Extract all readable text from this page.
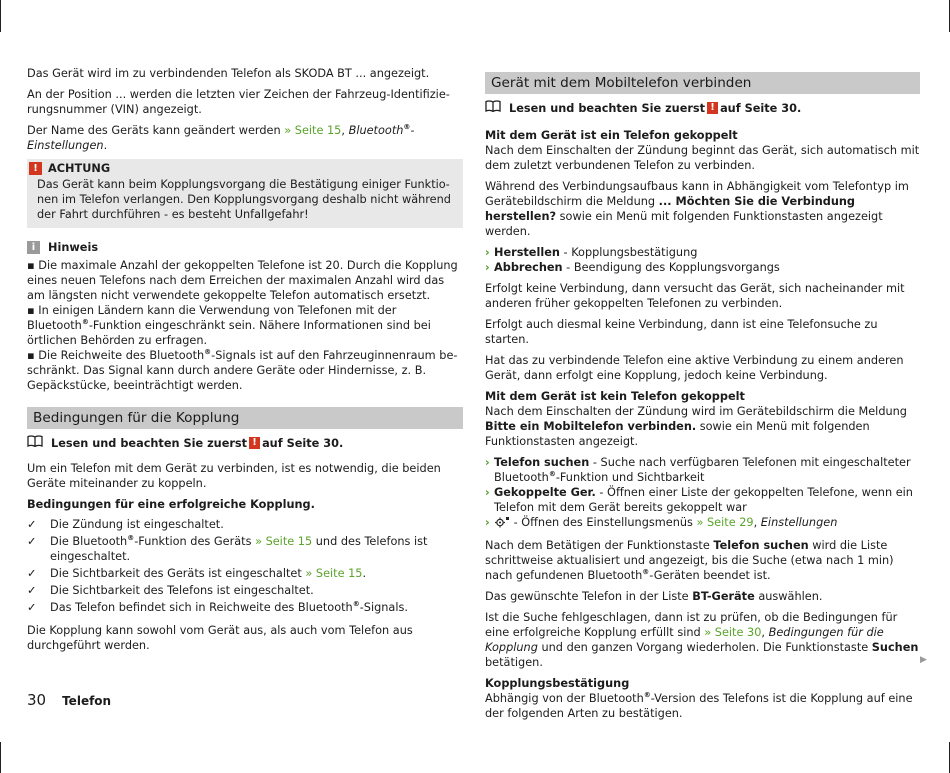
Das Gerät wird im zu verbindenden Telefon als SKODA BT ... angezeigt.

An der Position ... werden die letzten vier Zeichen der Fahrzeug-Identifizierungsnummer (VIN) angezeigt.

Der Name des Geräts kann geändert werden » Seite 15, Bluetooth®-Einstellungen.

! ACHTUNG
Das Gerät kann beim Kopplungsvorgang die Bestätigung einiger Funktionen im Telefon verlangen. Den Kopplungsvorgang deshalb nicht während der Fahrt durchführen - es besteht Unfallgefahr!
i	Hinweis

▪ Die maximale Anzahl der gekoppelten Telefone ist 20. Durch die Kopplung eines neuen Telefons nach dem Erreichen der maximalen Anzahl wird das am längsten nicht verwendete gekoppelte Telefon automatisch ersetzt.

▪ In einigen Ländern kann die Verwendung von Telefonen mit der Bluetooth®-Funktion eingeschränkt sein. Nähere Informationen sind bei örtlichen Behörden zu erfragen.

▪ Die Reichweite des Bluetooth®-Signals ist auf den Fahrzeuginnenraum beschränkt. Das Signal kann durch andere Geräte oder Hindernisse, z. B. Gepäckstücke, beeinträchtigt werden.

Bedingungen für die Kopplung
Lesen und beachten Sie zuerst ! auf Seite 30.

Um ein Telefon mit dem Gerät zu verbinden, ist es notwendig, die beiden Geräte miteinander zu koppeln.

Bedingungen für eine erfolgreiche Kopplung.

✓ Die Zündung ist eingeschaltet.
✓ Die Bluetooth®-Funktion des Geräts » Seite 15 und des Telefons ist eingeschaltet.
✓ Die Sichtbarkeit des Geräts ist eingeschaltet » Seite 15.
✓ Die Sichtbarkeit des Telefons ist eingeschaltet.
✓ Das Telefon befindet sich in Reichweite des Bluetooth®-Signals.

Die Kopplung kann sowohl vom Gerät aus, als auch vom Telefon aus durchgeführt werden.

Gerät mit dem Mobiltelefon verbinden
Lesen und beachten Sie zuerst ! auf Seite 30.

Mit dem Gerät ist ein Telefon gekoppelt

Nach dem Einschalten der Zündung beginnt das Gerät, sich automatisch mit dem zuletzt verbundenen Telefon zu verbinden.

Während des Verbindungsaufbaus kann in Abhängigkeit vom Telefontyp im Gerätebildschirm die Meldung ... Möchten Sie die Verbindung herstellen? sowie ein Menü mit folgenden Funktionstasten angezeigt werden.

› Herstellen - Kopplungsbestätigung
› Abbrechen - Beendigung des Kopplungsvorgangs

Erfolgt keine Verbindung, dann versucht das Gerät, sich nacheinander mit anderen früher gekoppelten Telefonen zu verbinden.

Erfolgt auch diesmal keine Verbindung, dann ist eine Telefonsuche zu starten.

Hat das zu verbindende Telefon eine aktive Verbindung zu einem anderen Gerät, dann erfolgt eine Kopplung, jedoch keine Verbindung.

Mit dem Gerät ist kein Telefon gekoppelt

Nach dem Einschalten der Zündung wird im Gerätebildschirm die Meldung Bitte ein Mobiltelefon verbinden. sowie ein Menü mit folgenden Funktionstasten angezeigt.

› Telefon suchen - Suche nach verfügbaren Telefonen mit eingeschalteter Bluetooth®-Funktion und Sichtbarkeit
› Gekoppelte Ger. - Öffnen einer Liste der gekoppelten Telefone, wenn ein Telefon mit dem Gerät bereits gekoppelt war
› - Öffnen des Einstellungsmenüs » Seite 29, Einstellungen

Nach dem Betätigen der Funktionstaste Telefon suchen wird die Liste schrittweise aktualisiert und angezeigt, bis die Suche (etwa nach 1 min) nach gefundenen Bluetooth®-Geräten beendet ist.

Das gewünschte Telefon in der Liste BT-Geräte auswählen.

Ist die Suche fehlgeschlagen, dann ist zu prüfen, ob die Bedingungen für eine erfolgreiche Kopplung erfüllt sind » Seite 30, Bedingungen für die Kopplung und den ganzen Vorgang wiederholen. Die Funktionstaste Suchen betätigen.

Kopplungsbestätigung

Abhängig von der Bluetooth®-Version des Telefons ist die Kopplung auf eine der folgenden Arten zu bestätigen.

▶
30 Telefon
